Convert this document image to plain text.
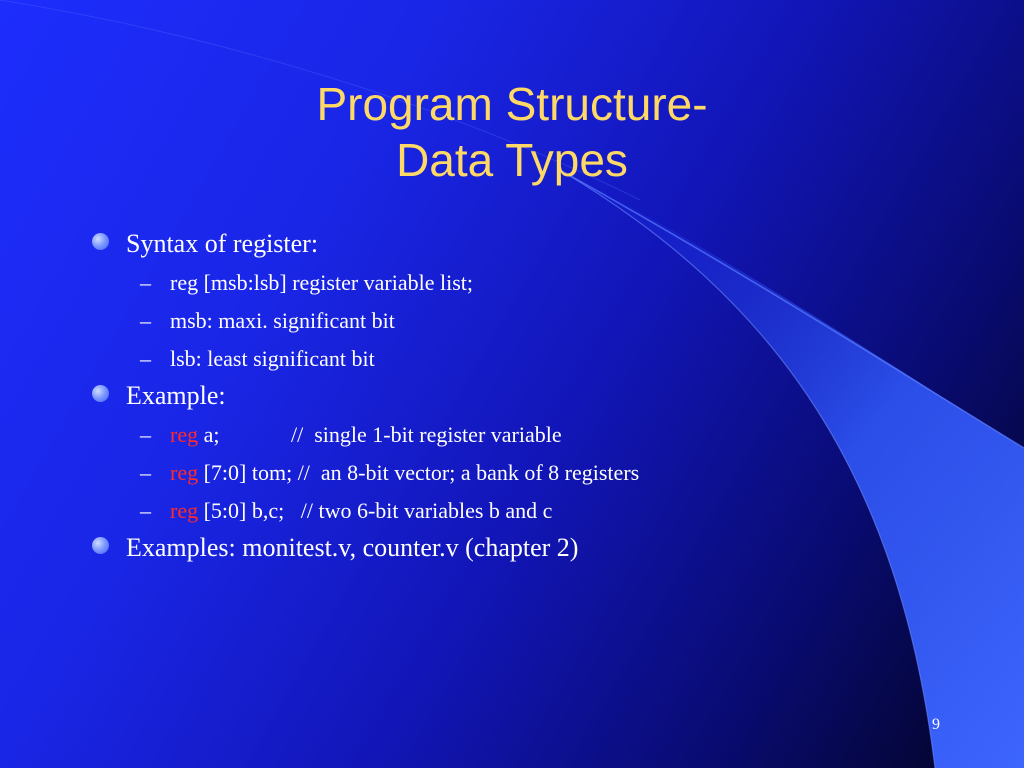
Program Structure-
Data Types
Syntax of register:
– reg [msb:lsb] register variable list;
– msb: maxi. significant bit
– lsb: least significant bit
Example:
– reg a;             //  single 1-bit register variable
– reg [7:0] tom; //  an 8-bit vector; a bank of 8 registers
– reg [5:0] b,c;   // two 6-bit variables b and c
Examples: monitest.v, counter.v (chapter 2)
9
